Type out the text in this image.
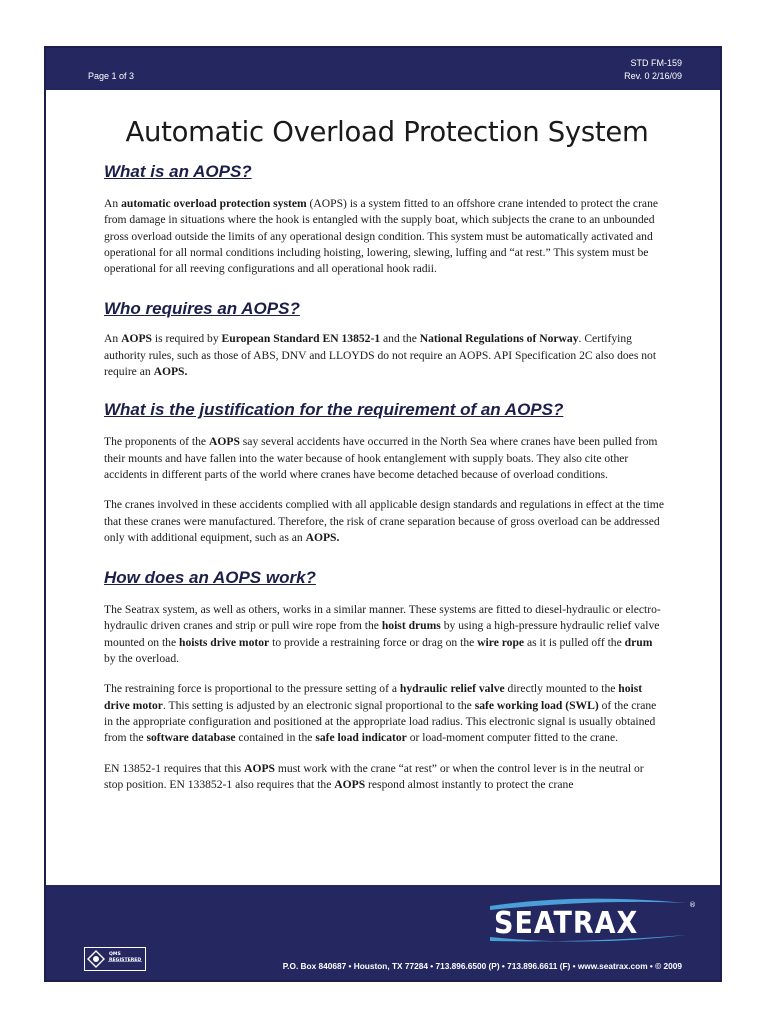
Page 1 of 3
STD FM-159
Rev. 0 2/16/09
Automatic Overload Protection System
What is an AOPS?

An automatic overload protection system (AOPS) is a system fitted to an offshore crane intended to protect the crane from damage in situations where the hook is entangled with the supply boat, which subjects the crane to an unbounded gross overload outside the limits of any operational design condition. This system must be automatically activated and operational for all normal conditions including hoisting, lowering, slewing, luffing and “at rest.” This system must be operational for all reeving configurations and all operational hook radii.

Who requires an AOPS?

An AOPS is required by European Standard EN 13852-1 and the National Regulations of Norway. Certifying authority rules, such as those of ABS, DNV and LLOYDS do not require an AOPS. API Specification 2C also does not require an AOPS.

What is the justification for the requirement of an AOPS?

The proponents of the AOPS say several accidents have occurred in the North Sea where cranes have been pulled from their mounts and have fallen into the water because of hook entanglement with supply boats. They also cite other accidents in different parts of the world where cranes have become detached because of overload conditions.

The cranes involved in these accidents complied with all applicable design standards and regulations in effect at the time that these cranes were manufactured. Therefore, the risk of crane separation because of gross overload can be addressed only with additional equipment, such as an AOPS.

How does an AOPS work?

The Seatrax system, as well as others, works in a similar manner. These systems are fitted to diesel-hydraulic or electro-hydraulic driven cranes and strip or pull wire rope from the hoist drums by using a high-pressure hydraulic relief valve mounted on the hoists drive motor to provide a restraining force or drag on the wire rope as it is pulled off the drum by the overload.

The restraining force is proportional to the pressure setting of a hydraulic relief valve directly mounted to the hoist drive motor. This setting is adjusted by an electronic signal proportional to the safe working load (SWL) of the crane in the appropriate configuration and positioned at the appropriate load radius. This electronic signal is usually obtained from the software database contained in the safe load indicator or load-moment computer fitted to the crane.

EN 13852-1 requires that this AOPS must work with the crane “at rest” or when the control lever is in the neutral or stop position. EN 133852-1 also requires that the AOPS respond almost instantly to protect the crane

SEATRAX
®
QMS REGISTERED
P.O. Box 840687 • Houston, TX 77284 • 713.896.6500 (P) • 713.896.6611 (F) • www.seatrax.com • © 2009
